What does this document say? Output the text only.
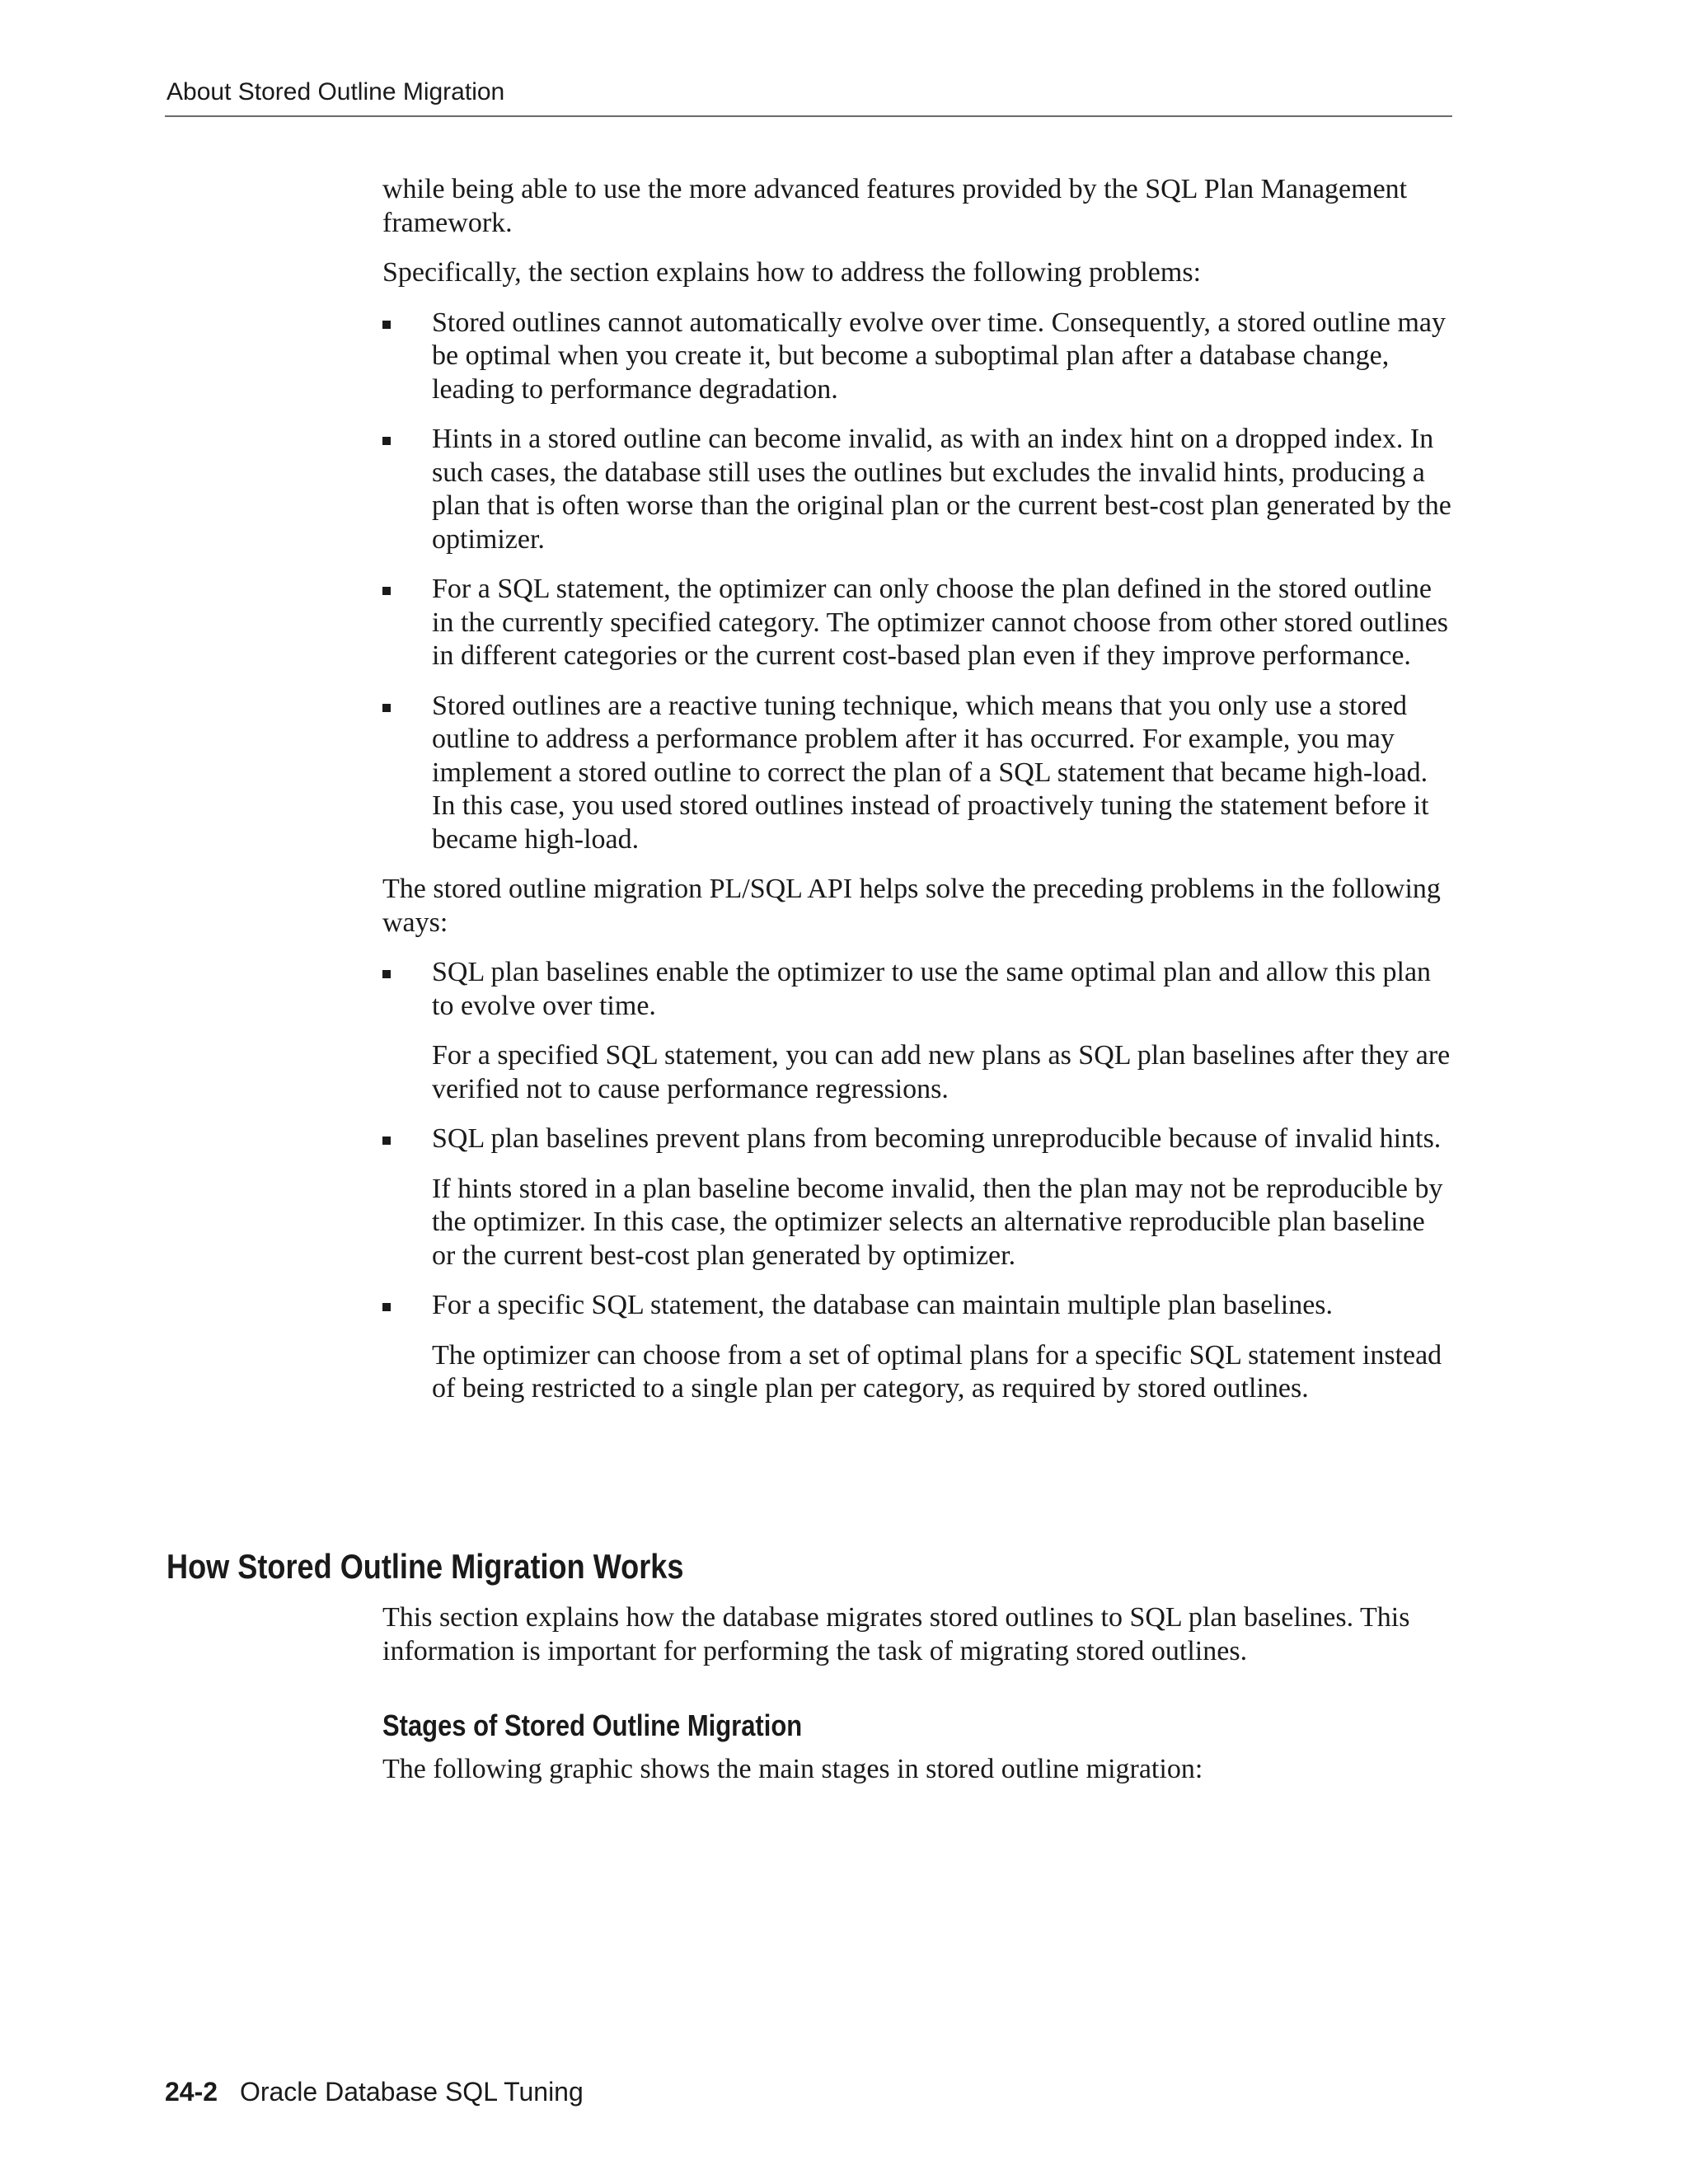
About Stored Outline Migration

while being able to use the more advanced features provided by the SQL Plan Management framework.

Specifically, the section explains how to address the following problems:

Stored outlines cannot automatically evolve over time. Consequently, a stored outline may be optimal when you create it, but become a suboptimal plan after a database change, leading to performance degradation.

Hints in a stored outline can become invalid, as with an index hint on a dropped index. In such cases, the database still uses the outlines but excludes the invalid hints, producing a plan that is often worse than the original plan or the current best-cost plan generated by the optimizer.

For a SQL statement, the optimizer can only choose the plan defined in the stored outline in the currently specified category. The optimizer cannot choose from other stored outlines in different categories or the current cost-based plan even if they improve performance.

Stored outlines are a reactive tuning technique, which means that you only use a stored outline to address a performance problem after it has occurred. For example, you may implement a stored outline to correct the plan of a SQL statement that became high-load. In this case, you used stored outlines instead of proactively tuning the statement before it became high-load.

The stored outline migration PL/SQL API helps solve the preceding problems in the following ways:

SQL plan baselines enable the optimizer to use the same optimal plan and allow this plan to evolve over time.

For a specified SQL statement, you can add new plans as SQL plan baselines after they are verified not to cause performance regressions.

SQL plan baselines prevent plans from becoming unreproducible because of invalid hints.

If hints stored in a plan baseline become invalid, then the plan may not be reproducible by the optimizer. In this case, the optimizer selects an alternative reproducible plan baseline or the current best-cost plan generated by optimizer.

For a specific SQL statement, the database can maintain multiple plan baselines.

The optimizer can choose from a set of optimal plans for a specific SQL statement instead of being restricted to a single plan per category, as required by stored outlines.

How Stored Outline Migration Works

This section explains how the database migrates stored outlines to SQL plan baselines. This information is important for performing the task of migrating stored outlines.

Stages of Stored Outline Migration

The following graphic shows the main stages in stored outline migration:

24-2 Oracle Database SQL Tuning
